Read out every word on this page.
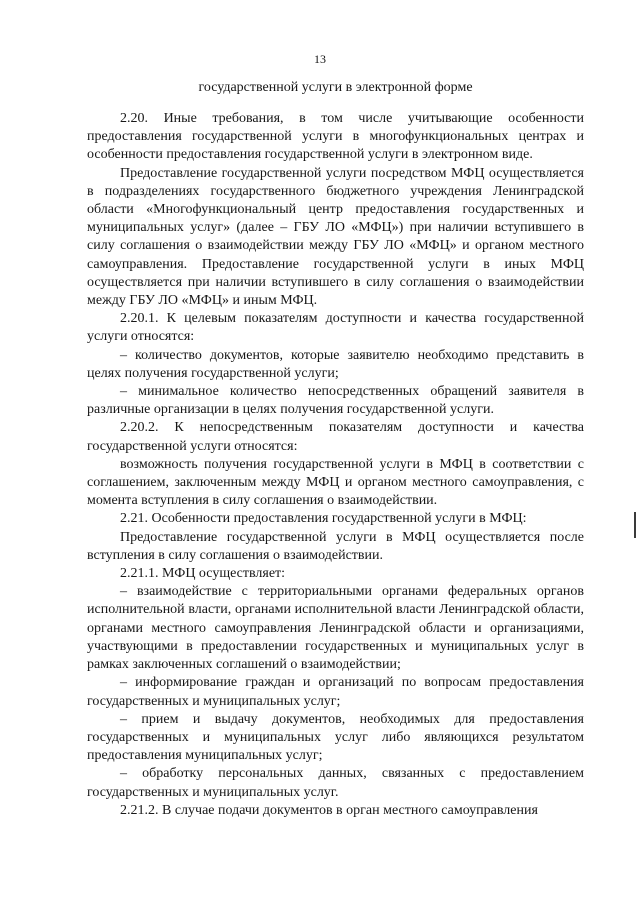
13
государственной услуги в электронной форме

2.20. Иные требования, в том числе учитывающие особенности предоставления государственной услуги в многофункциональных центрах и особенности предоставления государственной услуги в электронном виде.

Предоставление государственной услуги посредством МФЦ осуществляется в подразделениях государственного бюджетного учреждения Ленинградской области «Многофункциональный центр предоставления государственных и муниципальных услуг» (далее – ГБУ ЛО «МФЦ») при наличии вступившего в силу соглашения о взаимодействии между ГБУ ЛО «МФЦ» и органом местного самоуправления. Предоставление государственной услуги в иных МФЦ осуществляется при наличии вступившего в силу соглашения о взаимодействии между ГБУ ЛО «МФЦ» и иным МФЦ.

2.20.1. К целевым показателям доступности и качества государственной услуги относятся:

– количество документов, которые заявителю необходимо представить в целях получения государственной услуги;

– минимальное количество непосредственных обращений заявителя в различные организации в целях получения государственной услуги.

2.20.2. К непосредственным показателям доступности и качества государственной услуги относятся:

возможность получения государственной услуги в МФЦ в соответствии с соглашением, заключенным между МФЦ и органом местного самоуправления, с момента вступления в силу соглашения о взаимодействии.

2.21. Особенности предоставления государственной услуги в МФЦ:

Предоставление государственной услуги в МФЦ осуществляется после вступления в силу соглашения о взаимодействии.

2.21.1. МФЦ осуществляет:

– взаимодействие с территориальными органами федеральных органов исполнительной власти, органами исполнительной власти Ленинградской области, органами местного самоуправления Ленинградской области и организациями, участвующими в предоставлении государственных и муниципальных услуг в рамках заключенных соглашений о взаимодействии;

– информирование граждан и организаций по вопросам предоставления государственных и муниципальных услуг;

– прием и выдачу документов, необходимых для предоставления государственных и муниципальных услуг либо являющихся результатом предоставления муниципальных услуг;

– обработку персональных данных, связанных с предоставлением государственных и муниципальных услуг.

2.21.2. В случае подачи документов в орган местного самоуправления
